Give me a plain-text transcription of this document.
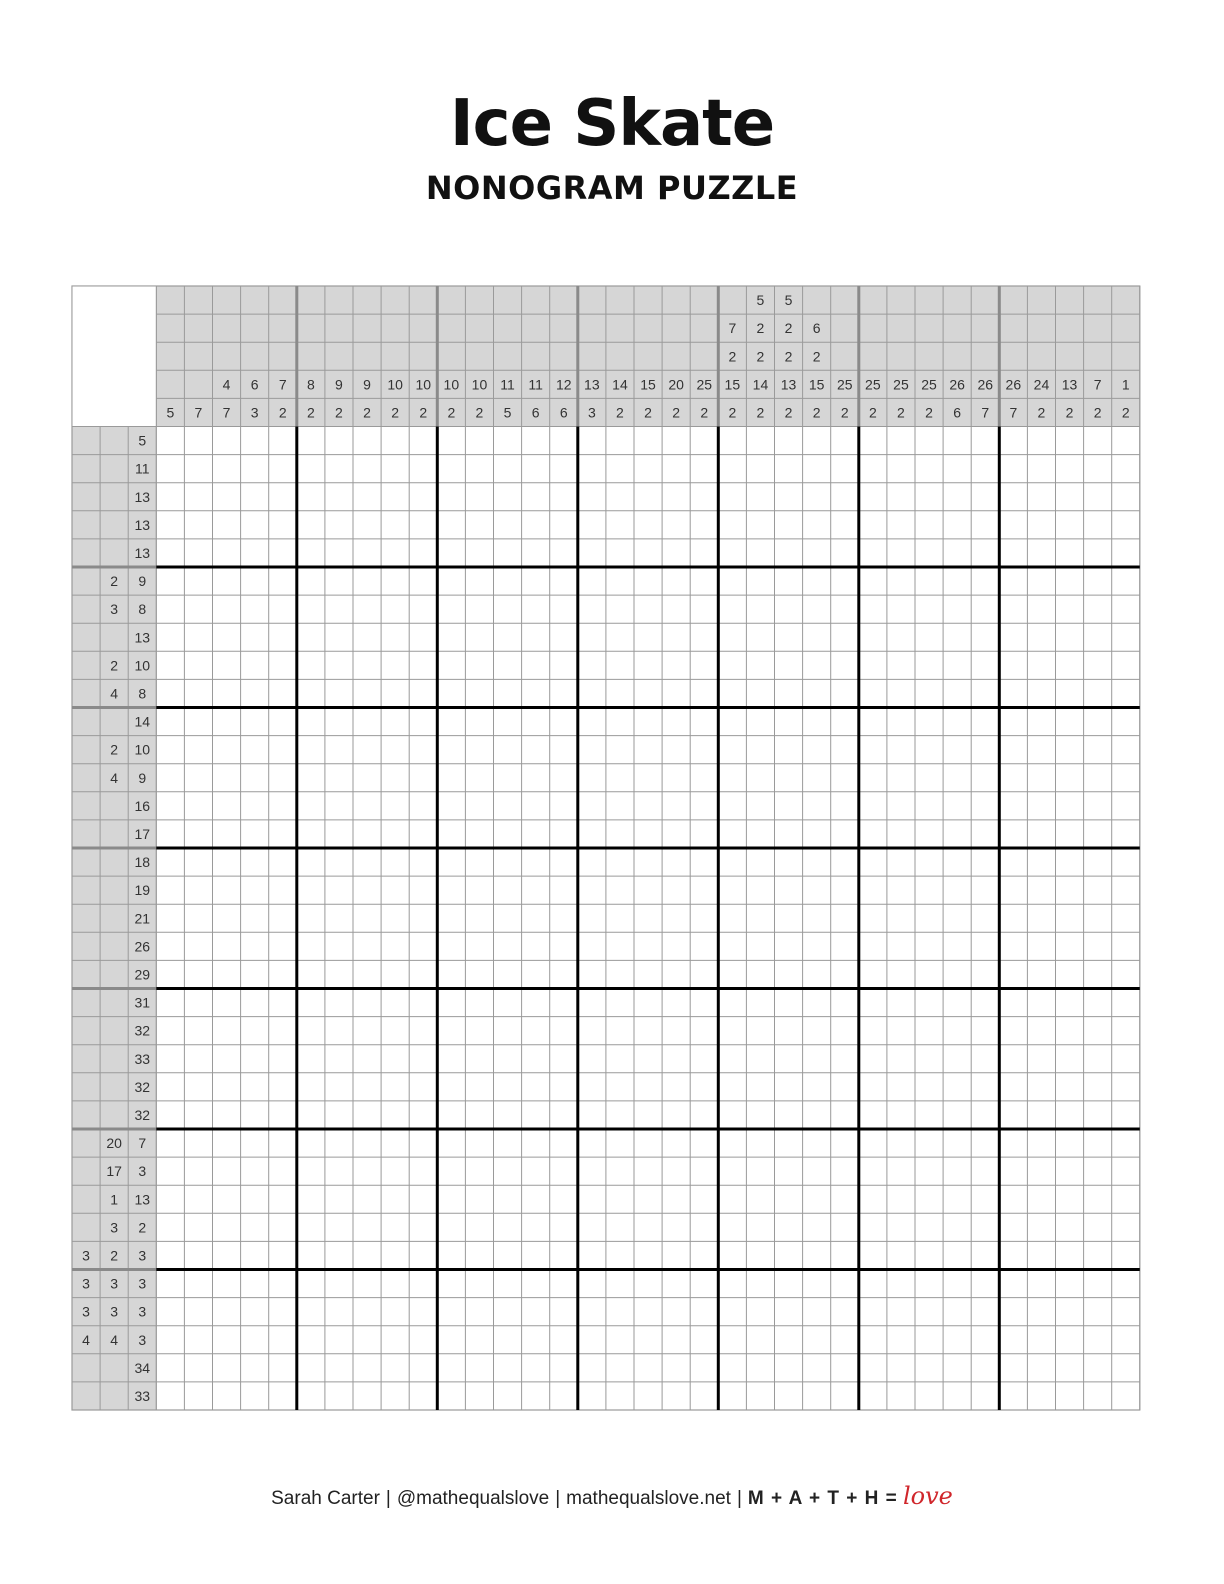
Ice Skate
NONOGRAM PUZZLE
5 7
4
7
6
3
7
2
8
2
9
2
9
2
10
2
10
2
10
2
10
2
11
5
11
6
12
6
13
3
14
2
15
2
20
2
25
2
7
2
15
2
5
2
2
14
2
5
2
2
13
2
6
2
15
2
25
2
25
2
25
2
25
2
26
6
26
7
26
7
24
2
13
2
7
2
1
2
5
11
13
13
13
2 9
3 8
13
2 10
4 8
14
2 10
4 9
16
17
18
19
21
26
29
31
32
33
32
32
20 7
17 3
1 13
3 2
3 2 3
3 3 3
3 3 3
4 4 3
34
33
Sarah Carter | @mathequalslove | mathequalslove.net | M + A + T + H = love
